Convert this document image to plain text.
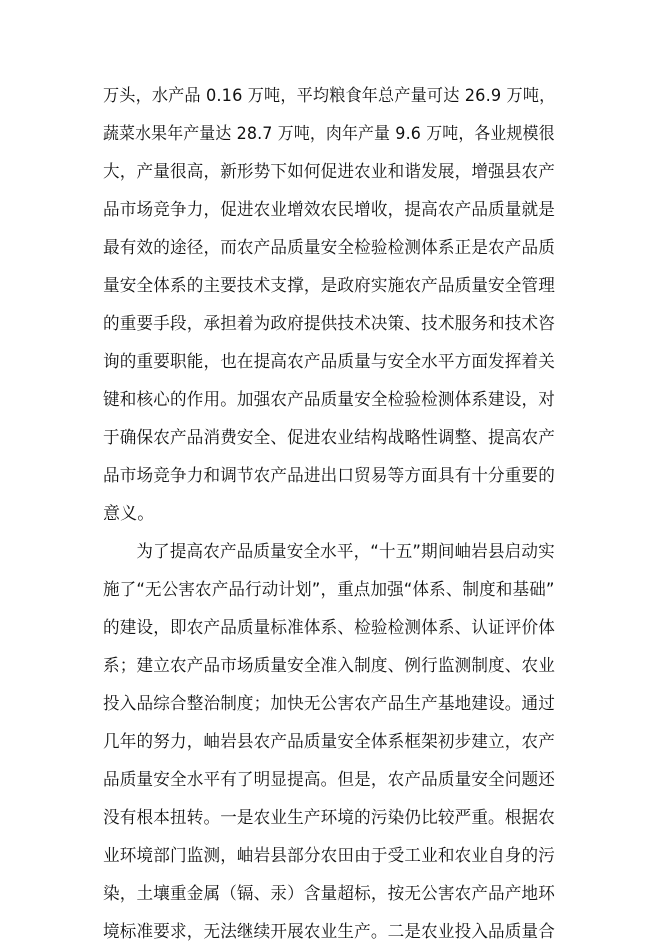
万头，水产品 0.16 万吨，平均粮食年总产量可达 26.9 万吨，
蔬菜水果年产量达 28.7 万吨，肉年产量 9.6 万吨，各业规模很
大，产量很高，新形势下如何促进农业和谐发展，增强县农产
品市场竞争力，促进农业增效农民增收，提高农产品质量就是
最有效的途径，而农产品质量安全检验检测体系正是农产品质
量安全体系的主要技术支撑，是政府实施农产品质量安全管理
的重要手段，承担着为政府提供技术决策、技术服务和技术咨
询的重要职能，也在提高农产品质量与安全水平方面发挥着关
键和核心的作用。加强农产品质量安全检验检测体系建设，对
于确保农产品消费安全、促进农业结构战略性调整、提高农产
品市场竞争力和调节农产品进出口贸易等方面具有十分重要的
意义。
　　为了提高农产品质量安全水平，“十五”期间岫岩县启动实
施了“无公害农产品行动计划”，重点加强“体系、制度和基础”
的建设，即农产品质量标准体系、检验检测体系、认证评价体
系；建立农产品市场质量安全准入制度、例行监测制度、农业
投入品综合整治制度；加快无公害农产品生产基地建设。通过
几年的努力，岫岩县农产品质量安全体系框架初步建立，农产
品质量安全水平有了明显提高。但是，农产品质量安全问题还
没有根本扭转。一是农业生产环境的污染仍比较严重。根据农
业环境部门监测，岫岩县部分农田由于受工业和农业自身的污
染，土壤重金属（镉、汞）含量超标，按无公害农产品产地环
境标准要求，无法继续开展农业生产。二是农业投入品质量合
